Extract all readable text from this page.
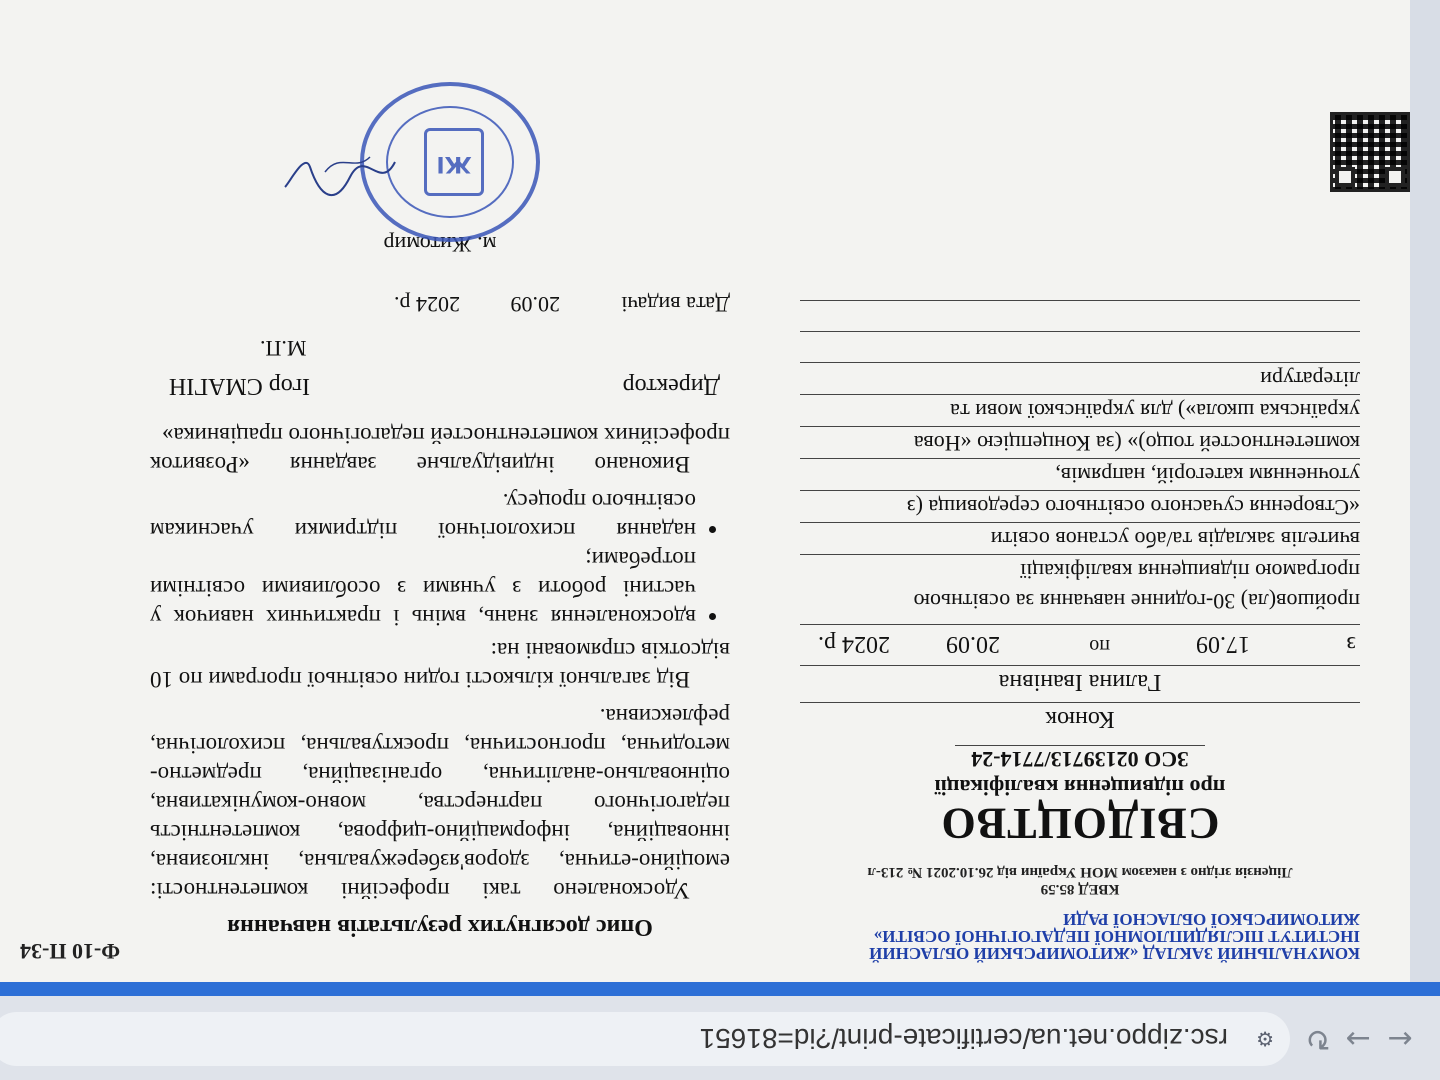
←
→
↻
⚙
rsc.zippo.net.ua/certificate-print/?id=81651
КОМУНАЛЬНИЙ ЗАКЛАД «ЖИТОМИРСЬКИЙ ОБЛАСНИЙ ІНСТИТУТ ПІСЛЯДИПЛОМНОЇ ПЕДАГОГІЧНОЇ ОСВІТИ» ЖИТОМИРСЬКОЇ ОБЛАСНОЇ РАДИ
КВЕД 85.59
Ліцензія згідно з наказом МОН України від 26.10.2021 № 213-л
СВІДОЦТВО
про підвищення кваліфікації
ЗСО 02139713/7714-24
Конюк
Галина Іванівна
з
17.09
по
20.09
2024 р.
пройшов(ла) 30-годинне навчання за освітньою
програмою підвищення кваліфікації
вчителів закладів та/або установ освіти
«Створення сучасного освітнього середовища (з
уточненням категорій, напрямів,
компетентностей тощо)» (за Концепцією «Нова
українська школа») для української мови та
літератури
Ф-10 П-34
Опис досягнутих результатів навчання
Удосконалено такі професійні компетентності: емоційно-етична, здоров'язбережувальна, інклюзивна, інноваційна, інформаційно-цифрова, компетентність педагогічного партнерства, мовно-комунікативна, оцінювально-аналітична, організаційна, предметно-методична, прогностична, проєктувальна, психологічна, рефлексивна.
Від загальної кількості годин освітньої програми по 10 відсотків спрямовані на:
• вдосконалення знань, вмінь і практичних навичок у частині роботи з учнями з особливими освітніми потребами;
• надання психологічної підтримки учасникам освітнього процесу.
Виконано індивідуальне завдання «Розвиток професійних компетентностей педагогічного працівника»
Директор
Ігор СМАГІН
М.П.
Дата видачі
20.09
2024 р.
м. Житомир
ЖІ
